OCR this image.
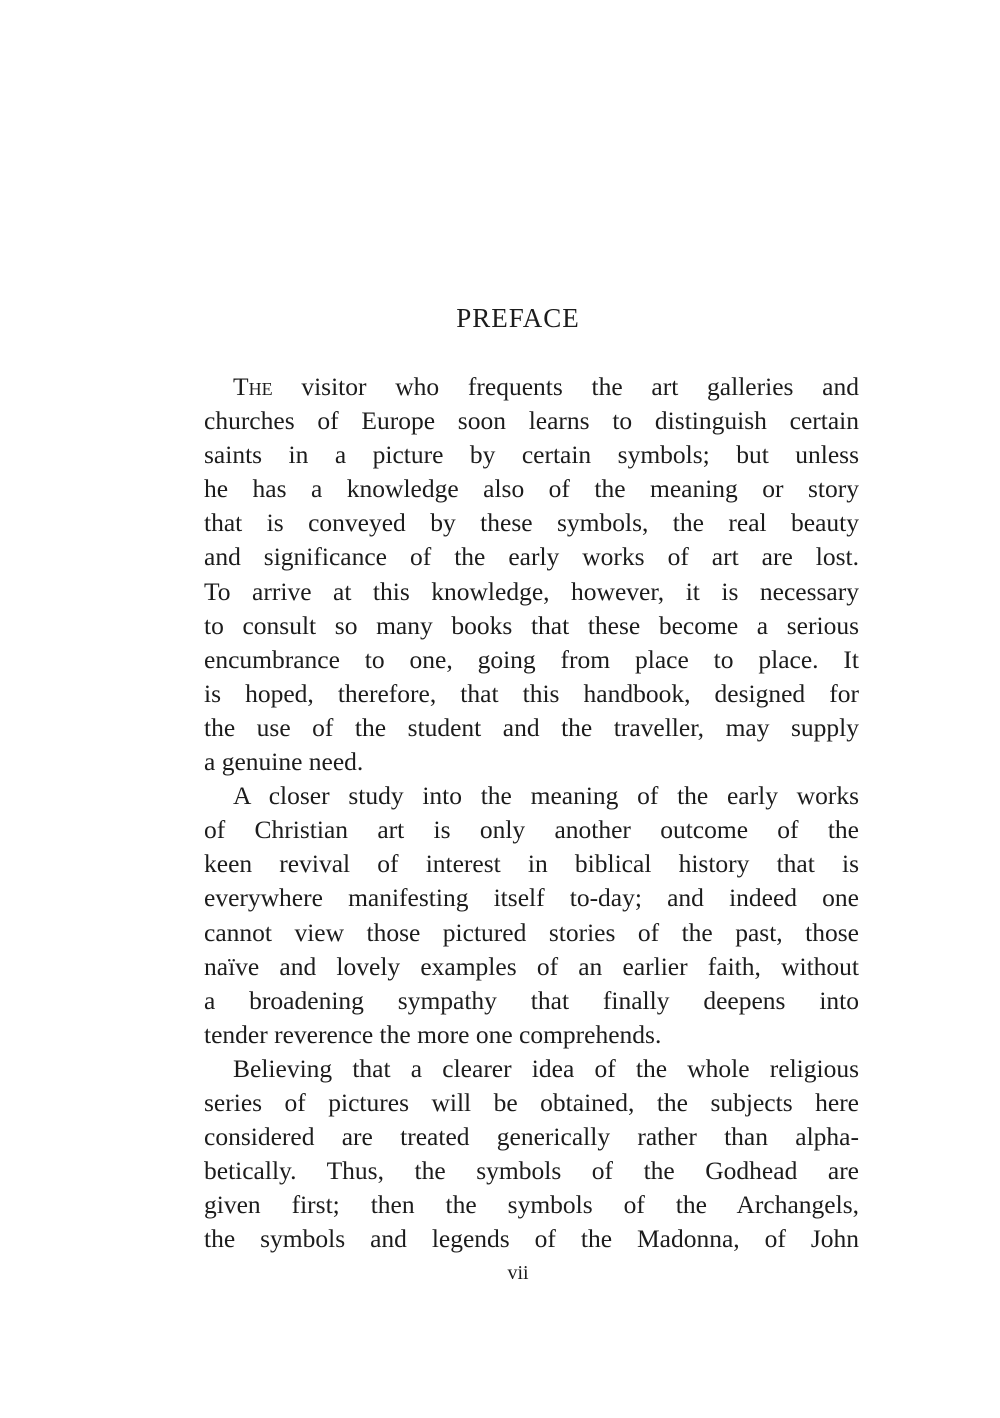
PREFACE
The visitor who frequents the art galleries and
churches of Europe soon learns to distinguish certain
saints in a picture by certain symbols; but unless
he has a knowledge also of the meaning or story
that is conveyed by these symbols, the real beauty
and significance of the early works of art are lost.
To arrive at this knowledge, however, it is necessary
to consult so many books that these become a serious
encumbrance to one, going from place to place. It
is hoped, therefore, that this handbook, designed for
the use of the student and the traveller, may supply
a genuine need.
A closer study into the meaning of the early works
of Christian art is only another outcome of the
keen revival of interest in biblical history that is
everywhere manifesting itself to-day; and indeed one
cannot view those pictured stories of the past, those
naïve and lovely examples of an earlier faith, without
a broadening sympathy that finally deepens into
tender reverence the more one comprehends.
Believing that a clearer idea of the whole religious
series of pictures will be obtained, the subjects here
considered are treated generically rather than alpha-
betically. Thus, the symbols of the Godhead are
given first; then the symbols of the Archangels,
the symbols and legends of the Madonna, of John
vii
